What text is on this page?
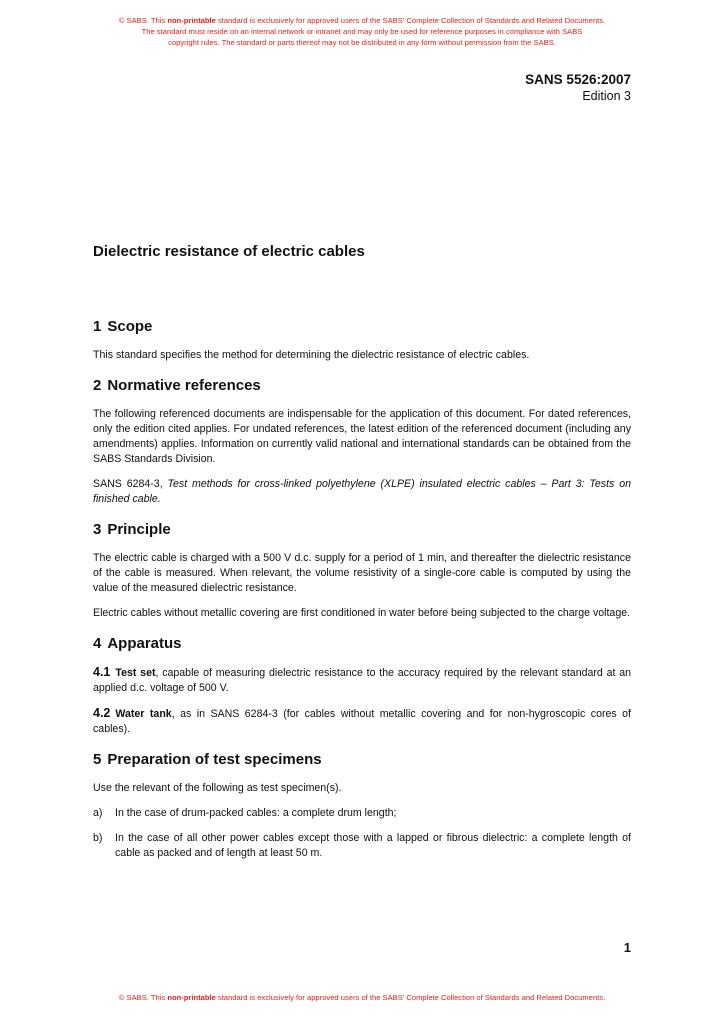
© SABS. This non-printable standard is exclusively for approved users of the SABS' Complete Collection of Standards and Related Documents.
The standard must reside on an internal network or intranet and may only be used for reference purposes in compliance with SABS
copyright rules. The standard or parts thereof may not be distributed in any form without permission from the SABS.
SANS 5526:2007
Edition 3
Dielectric resistance of electric cables
1 Scope

This standard specifies the method for determining the dielectric resistance of electric cables.

2 Normative references

The following referenced documents are indispensable for the application of this document. For dated references, only the edition cited applies. For undated references, the latest edition of the referenced document (including any amendments) applies. Information on currently valid national and international standards can be obtained from the SABS Standards Division.

SANS 6284-3, Test methods for cross-linked polyethylene (XLPE) insulated electric cables – Part 3: Tests on finished cable.

3 Principle

The electric cable is charged with a 500 V d.c. supply for a period of 1 min, and thereafter the dielectric resistance of the cable is measured. When relevant, the volume resistivity of a single-core cable is computed by using the value of the measured dielectric resistance.

Electric cables without metallic covering are first conditioned in water before being subjected to the charge voltage.

4 Apparatus

4.1 Test set, capable of measuring dielectric resistance to the accuracy required by the relevant standard at an applied d.c. voltage of 500 V.

4.2 Water tank, as in SANS 6284-3 (for cables without metallic covering and for non-hygroscopic cores of cables).

5 Preparation of test specimens

Use the relevant of the following as test specimen(s).

a) In the case of drum-packed cables: a complete drum length;
b) In the case of all other power cables except those with a lapped or fibrous dielectric: a complete length of cable as packed and of length at least 50 m.
1
© SABS. This non-printable standard is exclusively for approved users of the SABS' Complete Collection of Standards and Related Documents.
